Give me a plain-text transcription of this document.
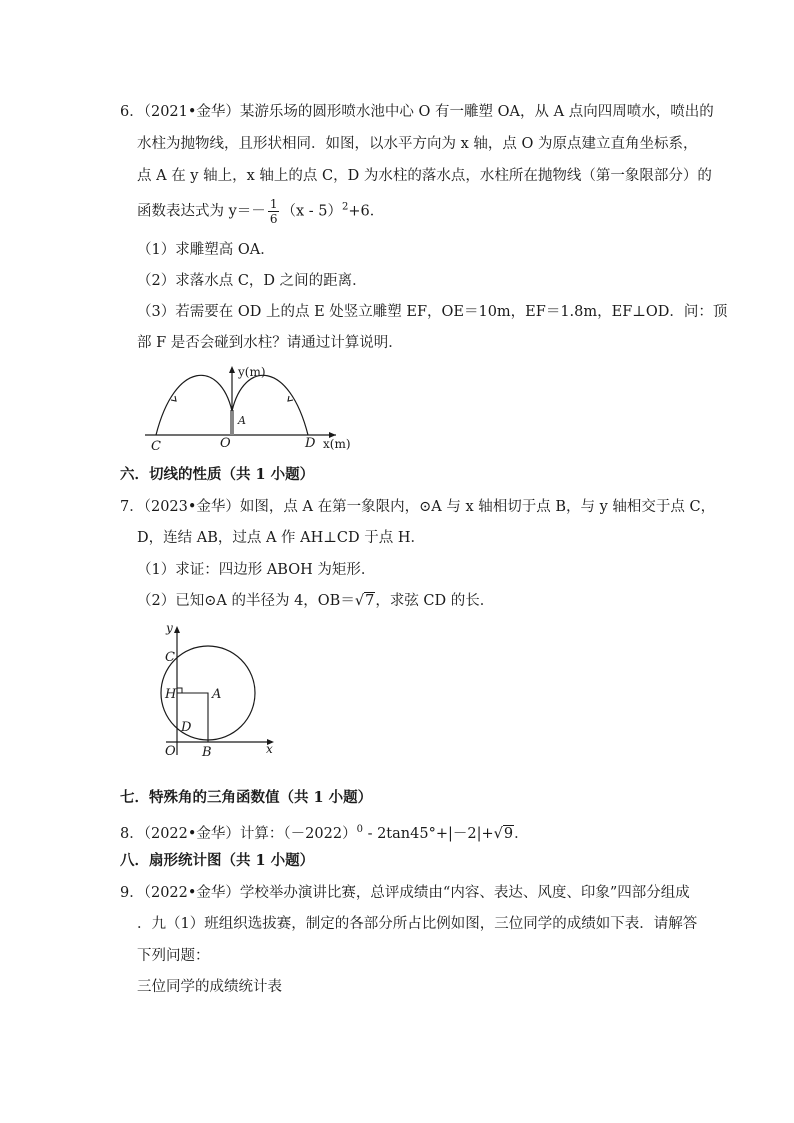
6．（2021•金华）某游乐场的圆形喷水池中心 O 有一雕塑 OA，从 A 点向四周喷水，喷出的
水柱为抛物线，且形状相同．如图，以水平方向为 x 轴，点 O 为原点建立直角坐标系，
点 A 在 y 轴上，x 轴上的点 C，D 为水柱的落水点，水柱所在抛物线（第一象限部分）的
函数表达式为 $y=- \frac{1}{6} (x - 5)^2+6$．
（1）求雕塑高 OA．
（2）求落水点 C，D 之间的距离．
（3）若需要在 OD 上的点 E 处竖立雕塑 EF，OE＝10m，EF＝1.8m，EF⊥OD．问：顶
部 F 是否会碰到水柱？请通过计算说明．
y(m)
A
C	O	D x(m)
六．切线的性质（共 1 小题）
7．（2023•金华）如图，点 A 在第一象限内，⊙A 与 x 轴相切于点 B，与 y 轴相交于点 C，
D，连结 AB，过点 A 作 AH⊥CD 于点 H．
（1）求证：四边形 ABOH 为矩形．
（2）已知⊙A 的半径为 4，OB＝√7，求弦 CD 的长．
y
C
H	A
D
O B	x
七．特殊角的三角函数值（共 1 小题）
8．（2022•金华）计算：$(-2022)^0 - 2\tan 45^\circ+|-2|+√9$．
八．扇形统计图（共 1 小题）
9．（2022•金华）学校举办演讲比赛，总评成绩由“内容、表达、风度、印象”四部分组成
．九（1）班组织选拔赛，制定的各部分所占比例如图，三位同学的成绩如下表．请解答
下列问题：
三位同学的成绩统计表
